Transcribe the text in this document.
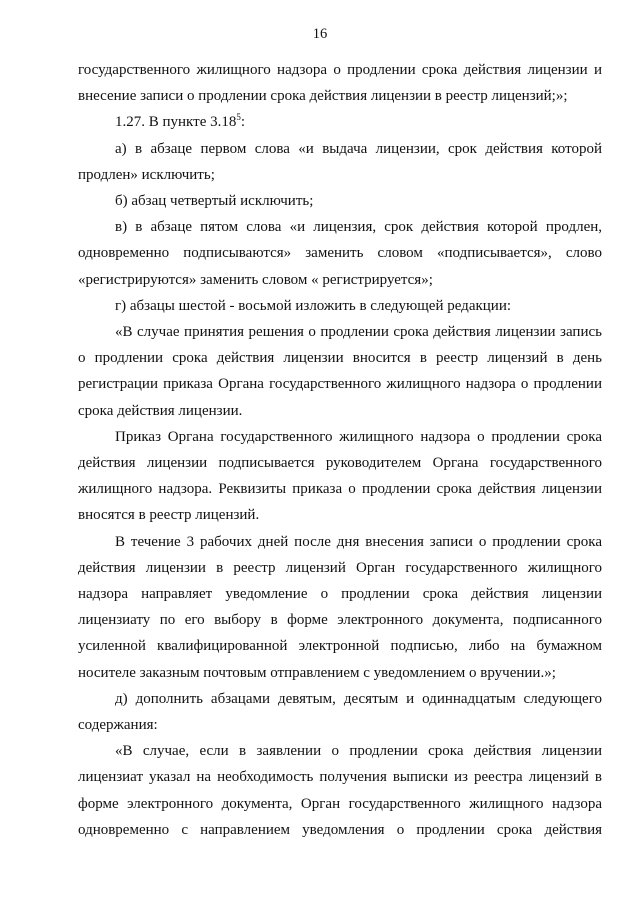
16

государственного жилищного надзора о продлении срока действия лицензии и внесение записи о продлении срока действия лицензии в реестр лицензий;»;

1.27. В пункте 3.18$^5$:

а) в абзаце первом слова «и выдача лицензии, срок действия которой продлен» исключить;

б) абзац четвертый исключить;

в) в абзаце пятом слова «и лицензия, срок действия которой продлен, одновременно подписываются» заменить словом «подписывается», слово «регистрируются» заменить словом « регистрируется»;

г) абзацы шестой - восьмой изложить в следующей редакции:

«В случае принятия решения о продлении срока действия лицензии запись о продлении срока действия лицензии вносится в реестр лицензий в день регистрации приказа Органа государственного жилищного надзора о продлении срока действия лицензии.

Приказ Органа государственного жилищного надзора о продлении срока действия лицензии подписывается руководителем Органа государственного жилищного надзора. Реквизиты приказа о продлении срока действия лицензии вносятся в реестр лицензий.

В течение 3 рабочих дней после дня внесения записи о продлении срока действия лицензии в реестр лицензий Орган государственного жилищного надзора направляет уведомление о продлении срока действия лицензии лицензиату по его выбору в форме электронного документа, подписанного усиленной квалифицированной электронной подписью, либо на бумажном носителе заказным почтовым отправлением с уведомлением о вручении.»;

д) дополнить абзацами девятым, десятым и одиннадцатым следующего содержания:

«В случае, если в заявлении о продлении срока действия лицензии лицензиат указал на необходимость получения выписки из реестра лицензий в форме электронного документа, Орган государственного жилищного надзора одновременно с направлением уведомления о продлении срока действия
